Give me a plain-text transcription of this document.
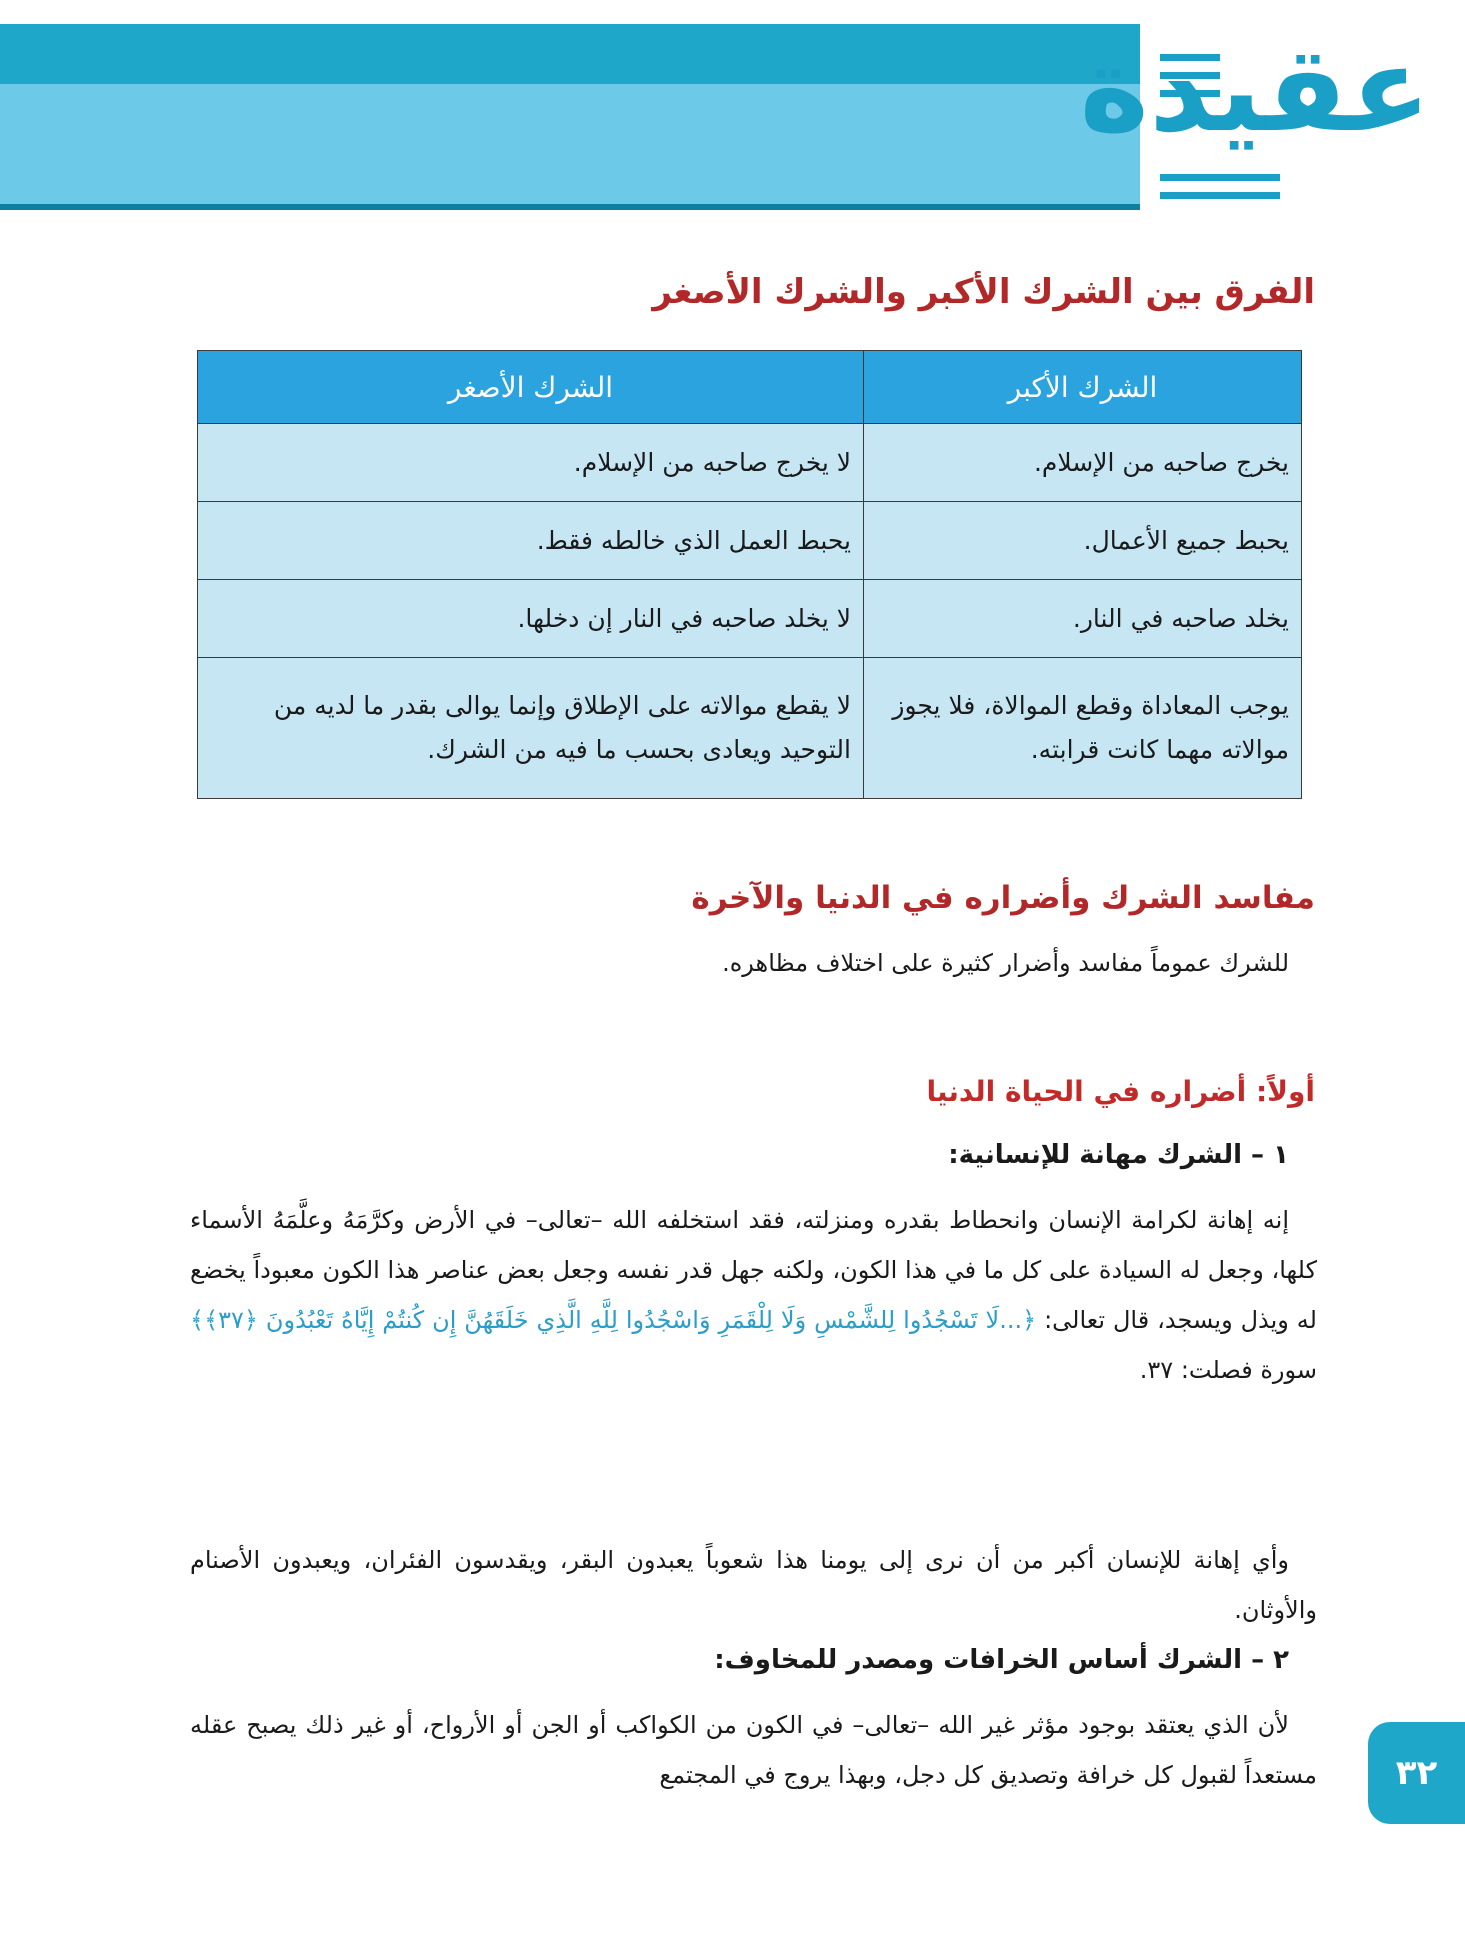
عقيدة
الفرق بين الشرك الأكبر والشرك الأصغر
الشرك الأكبر	الشرك الأصغر
يخرج صاحبه من الإسلام.	لا يخرج صاحبه من الإسلام.
يحبط جميع الأعمال.	يحبط العمل الذي خالطه فقط.
يخلد صاحبه في النار.	لا يخلد صاحبه في النار إن دخلها.
يوجب المعاداة وقطع الموالاة، فلا يجوز موالاته مهما كانت قرابته.	لا يقطع موالاته على الإطلاق وإنما يوالى بقدر ما لديه من التوحيد ويعادى بحسب ما فيه من الشرك.
مفاسد الشرك وأضراره في الدنيا والآخرة
للشرك عموماً مفاسد وأضرار كثيرة على اختلاف مظاهره.
أولاً: أضراره في الحياة الدنيا
١ – الشرك مهانة للإنسانية:
إنه إهانة لكرامة الإنسان وانحطاط بقدره ومنزلته، فقد استخلفه الله –تعالى– في الأرض وكرَّمَهُ وعلَّمَهُ الأسماء كلها، وجعل له السيادة على كل ما في هذا الكون، ولكنه جهل قدر نفسه وجعل بعض عناصر هذا الكون معبوداً يخضع له ويذل ويسجد، قال تعالى: ﴿...لَا تَسْجُدُوا لِلشَّمْسِ وَلَا لِلْقَمَرِ وَاسْجُدُوا لِلَّهِ الَّذِي خَلَقَهُنَّ إِن كُنتُمْ إِيَّاهُ تَعْبُدُونَ ﴿٣٧﴾﴾ سورة فصلت: ٣٧.
وأي إهانة للإنسان أكبر من أن نرى إلى يومنا هذا شعوباً يعبدون البقر، ويقدسون الفئران، ويعبدون الأصنام والأوثان.
٢ – الشرك أساس الخرافات ومصدر للمخاوف:
لأن الذي يعتقد بوجود مؤثر غير الله –تعالى– في الكون من الكواكب أو الجن أو الأرواح، أو غير ذلك يصبح عقله مستعداً لقبول كل خرافة وتصديق كل دجل، وبهذا يروج في المجتمع	٣٢
